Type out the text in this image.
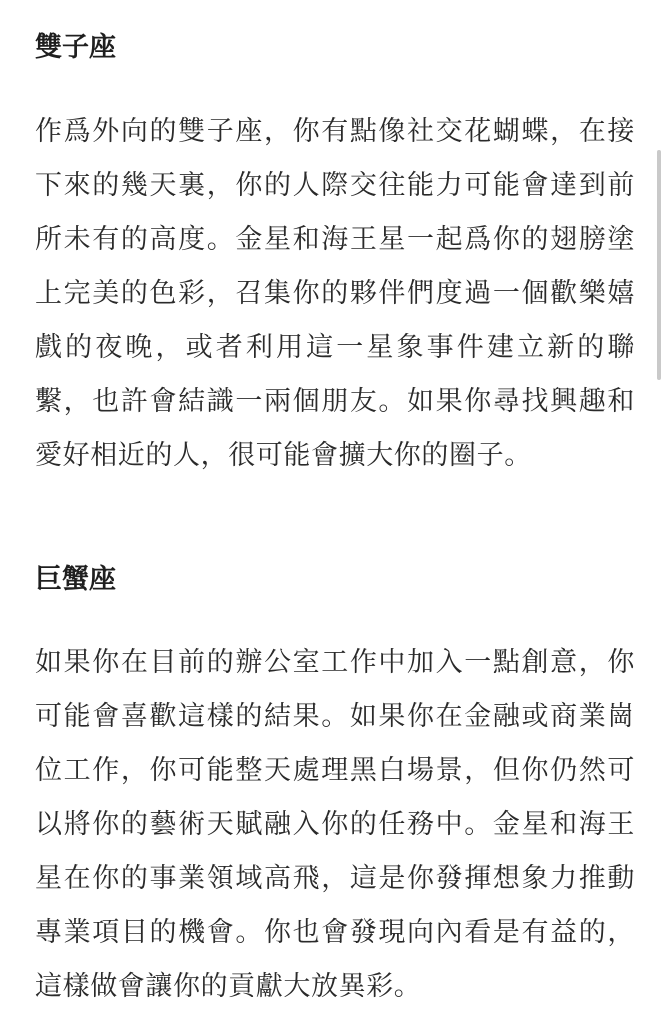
雙子座

作爲外向的雙子座，你有點像社交花蝴蝶，在接下來的幾天裏，你的人際交往能力可能會達到前所未有的高度。金星和海王星一起爲你的翅膀塗上完美的色彩，召集你的夥伴們度過一個歡樂嬉戲的夜晚，或者利用這一星象事件建立新的聯繫，也許會結識一兩個朋友。如果你尋找興趣和愛好相近的人，很可能會擴大你的圈子。

巨蟹座

如果你在目前的辦公室工作中加入一點創意，你可能會喜歡這樣的結果。如果你在金融或商業崗位工作，你可能整天處理黑白場景，但你仍然可以將你的藝術天賦融入你的任務中。金星和海王星在你的事業領域高飛，這是你發揮想象力推動專業項目的機會。你也會發現向內看是有益的，這樣做會讓你的貢獻大放異彩。
